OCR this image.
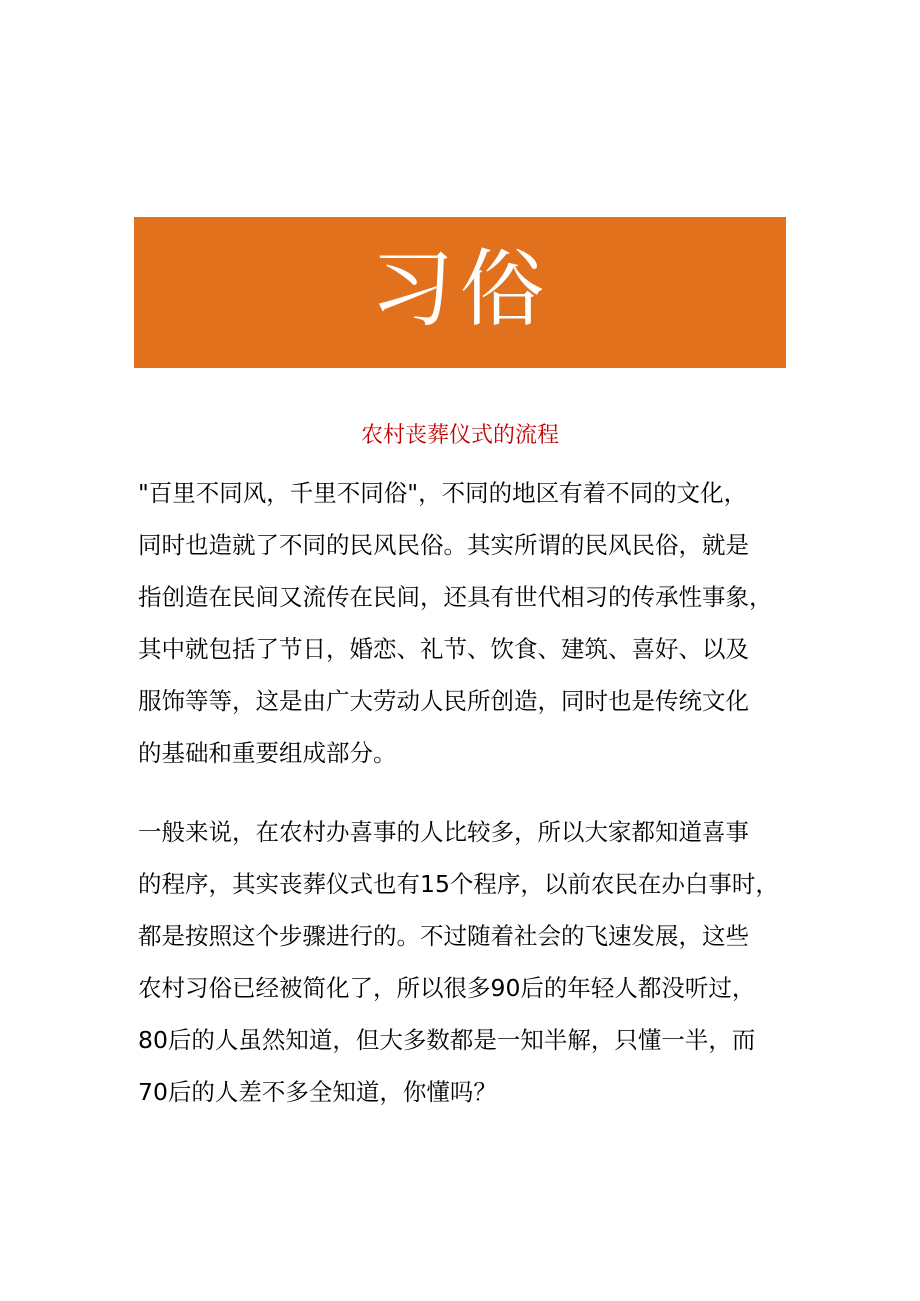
习俗
农村丧葬仪式的流程

"百里不同风，千里不同俗"，不同的地区有着不同的文化，
同时也造就了不同的民风民俗。其实所谓的民风民俗，就是
指创造在民间又流传在民间，还具有世代相习的传承性事象，
其中就包括了节日，婚恋、礼节、饮食、建筑、喜好、以及
服饰等等，这是由广大劳动人民所创造，同时也是传统文化
的基础和重要组成部分。

一般来说，在农村办喜事的人比较多，所以大家都知道喜事
的程序，其实丧葬仪式也有15个程序，以前农民在办白事时，
都是按照这个步骤进行的。不过随着社会的飞速发展，这些
农村习俗已经被简化了，所以很多90后的年轻人都没听过，
80后的人虽然知道，但大多数都是一知半解，只懂一半，而
70后的人差不多全知道，你懂吗？
